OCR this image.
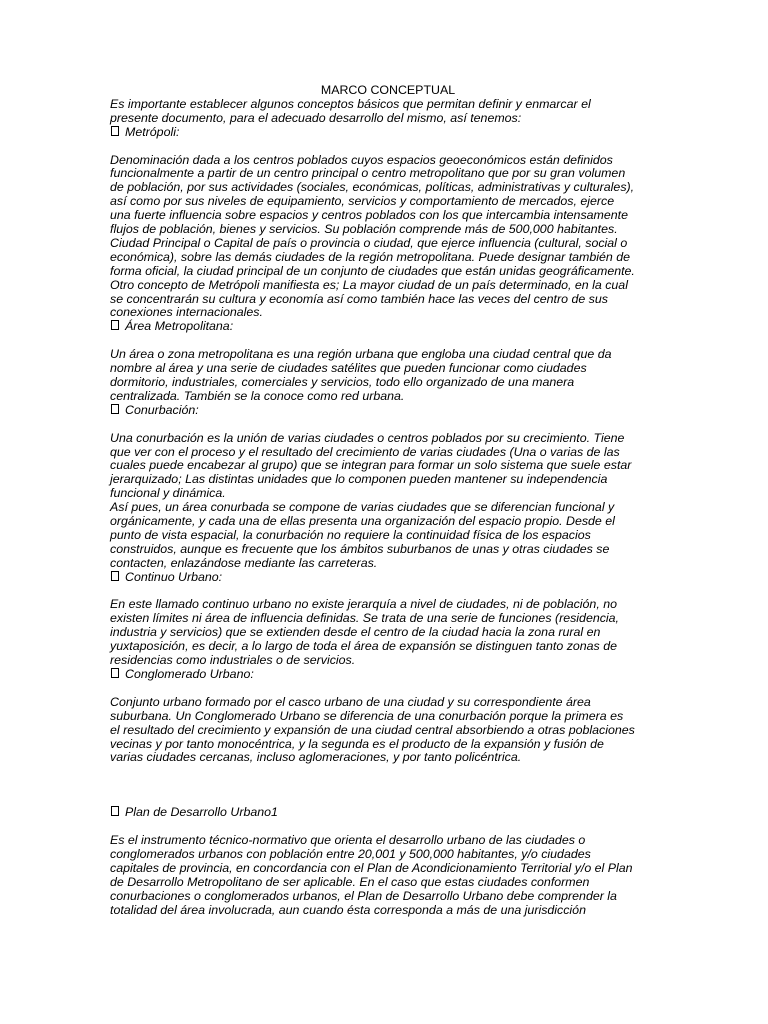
MARCO CONCEPTUAL

Es importante establecer algunos conceptos básicos que permitan definir y enmarcar el
presente documento, para el adecuado desarrollo del mismo, así tenemos:

Metrópoli:

Denominación dada a los centros poblados cuyos espacios geoeconómicos están definidos
funcionalmente a partir de un centro principal o centro metropolitano que por su gran volumen
de población, por sus actividades (sociales, económicas, políticas, administrativas y culturales),
así como por sus niveles de equipamiento, servicios y comportamiento de mercados, ejerce
una fuerte influencia sobre espacios y centros poblados con los que intercambia intensamente
flujos de población, bienes y servicios. Su población comprende más de 500,000 habitantes.
Ciudad Principal o Capital de país o provincia o ciudad, que ejerce influencia (cultural, social o
económica), sobre las demás ciudades de la región metropolitana. Puede designar también de
forma oficial, la ciudad principal de un conjunto de ciudades que están unidas geográficamente.
Otro concepto de Metrópoli manifiesta es; La mayor ciudad de un país determinado, en la cual
se concentrarán su cultura y economía así como también hace las veces del centro de sus
conexiones internacionales.

Área Metropolitana:

Un área o zona metropolitana es una región urbana que engloba una ciudad central que da
nombre al área y una serie de ciudades satélites que pueden funcionar como ciudades
dormitorio, industriales, comerciales y servicios, todo ello organizado de una manera
centralizada. También se la conoce como red urbana.

Conurbación:

Una conurbación es la unión de varias ciudades o centros poblados por su crecimiento. Tiene
que ver con el proceso y el resultado del crecimiento de varias ciudades (Una o varias de las
cuales puede encabezar al grupo) que se integran para formar un solo sistema que suele estar
jerarquizado; Las distintas unidades que lo componen pueden mantener su independencia
funcional y dinámica.
Así pues, un área conurbada se compone de varias ciudades que se diferencian funcional y
orgánicamente, y cada una de ellas presenta una organización del espacio propio. Desde el
punto de vista espacial, la conurbación no requiere la continuidad física de los espacios
construidos, aunque es frecuente que los ámbitos suburbanos de unas y otras ciudades se
contacten, enlazándose mediante las carreteras.

Continuo Urbano:

En este llamado continuo urbano no existe jerarquía a nivel de ciudades, ni de población, no
existen límites ni área de influencia definidas. Se trata de una serie de funciones (residencia,
industria y servicios) que se extienden desde el centro de la ciudad hacia la zona rural en
yuxtaposición, es decir, a lo largo de toda el área de expansión se distinguen tanto zonas de
residencias como industriales o de servicios.

Conglomerado Urbano:

Conjunto urbano formado por el casco urbano de una ciudad y su correspondiente área
suburbana. Un Conglomerado Urbano se diferencia de una conurbación porque la primera es
el resultado del crecimiento y expansión de una ciudad central absorbiendo a otras poblaciones
vecinas y por tanto monocéntrica, y la segunda es el producto de la expansión y fusión de
varias ciudades cercanas, incluso aglomeraciones, y por tanto policéntrica.

Plan de Desarrollo Urbano1

Es el instrumento técnico-normativo que orienta el desarrollo urbano de las ciudades o
conglomerados urbanos con población entre 20,001 y 500,000 habitantes, y/o ciudades
capitales de provincia, en concordancia con el Plan de Acondicionamiento Territorial y/o el Plan
de Desarrollo Metropolitano de ser aplicable. En el caso que estas ciudades conformen
conurbaciones o conglomerados urbanos, el Plan de Desarrollo Urbano debe comprender la
totalidad del área involucrada, aun cuando ésta corresponda a más de una jurisdicción
